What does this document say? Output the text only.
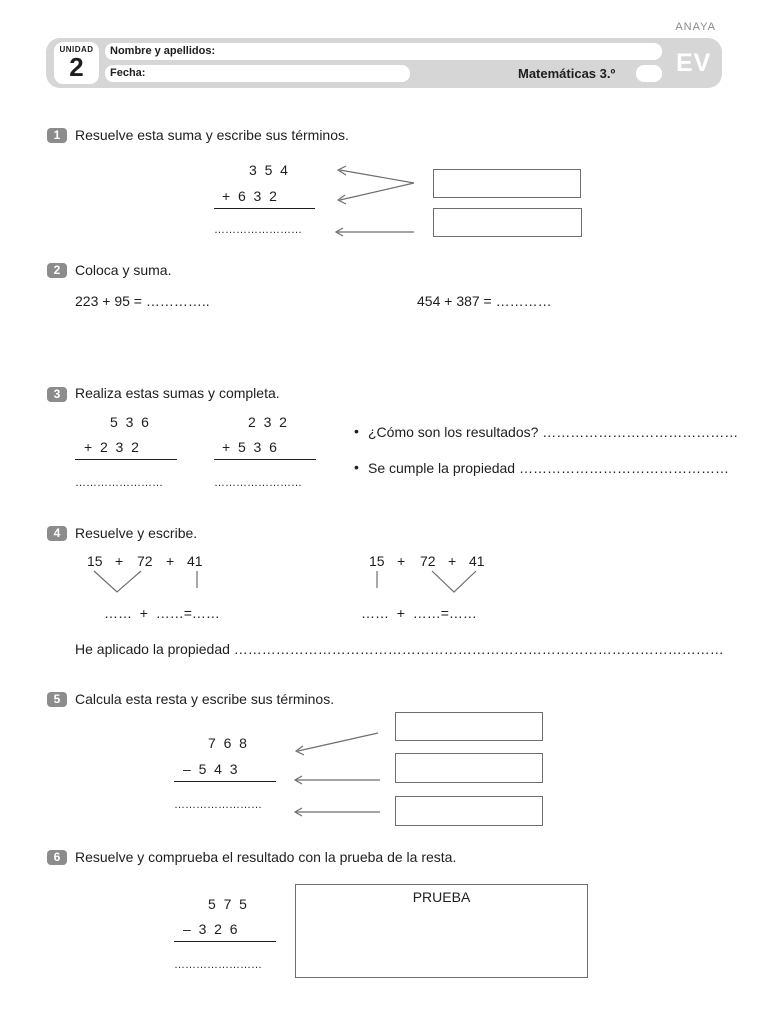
ANAYA
UNIDAD
2
Nombre y apellidos:
Fecha:	Matemáticas 3.º EV
1	Resuelve esta suma y escribe sus términos.
3  5  4
+  6  3  2
……………………
2	Coloca y suma.
223 + 95 = …………..	454 + 387 = …………
3	Realiza estas sumas y completa.
5  3  6
+  2  3  2
……………………
2  3  2
+  5  3  6
……………………
• ¿Cómo son los resultados? ……………………………………
• Se cumple la propiedad ………………………………………
4	Resuelve y escribe.
15 + 72 + 41
……  +  ……=……
15 + 72 + 41
……  +  ……=……
He aplicado la propiedad ……………………………………………………………………………………………
5	Calcula esta resta y escribe sus términos.
7  6  8
–  5  4  3
……………………
6	Resuelve y comprueba el resultado con la prueba de la resta.
5  7  5
–  3  2  6
……………………
PRUEBA
